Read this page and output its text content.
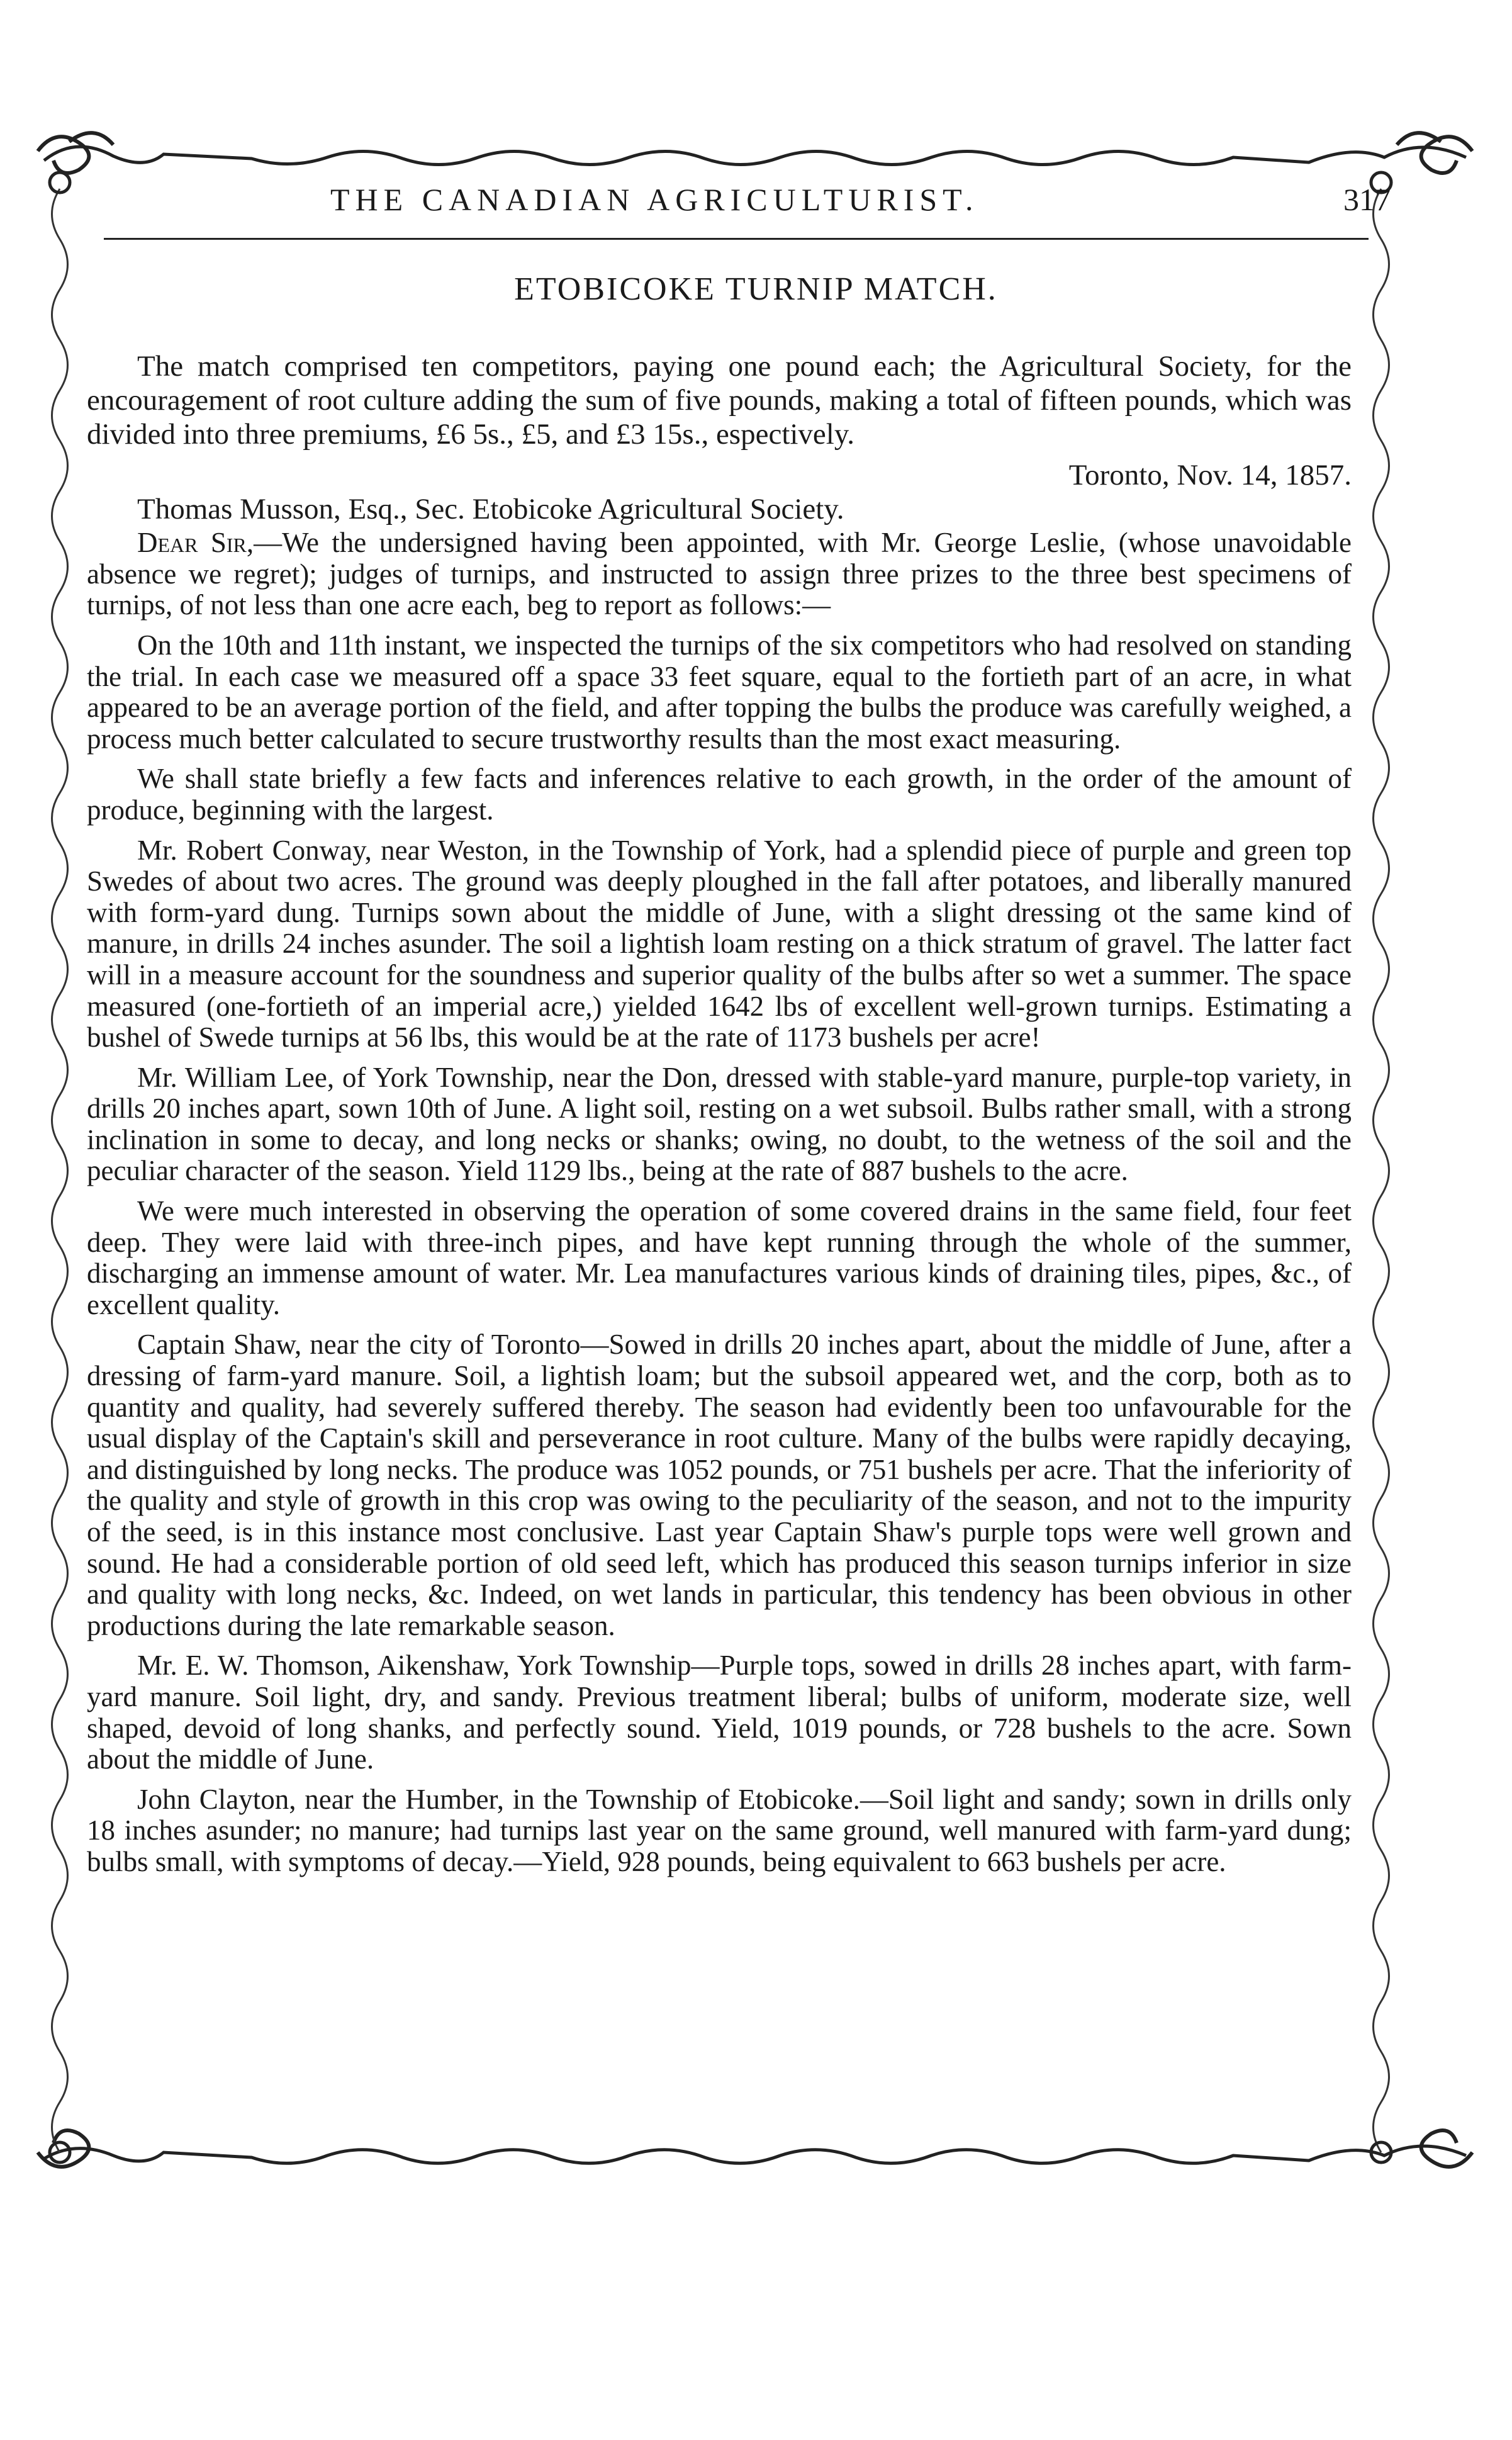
THE CANADIAN AGRICULTURIST.	317
ETOBICOKE TURNIP MATCH.

The match comprised ten competitors, paying one pound each; the Agricultural Society, for the encouragement of root culture adding the sum of five pounds, making a total of fifteen pounds, which was divided into three premiums, £6 5s., £5, and £3 15s., espectively.

Toronto, Nov. 14, 1857.
Thomas Musson, Esq., Sec. Etobicoke Agricultural Society.

Dear Sir,—We the undersigned having been appointed, with Mr. George Leslie, (whose unavoidable absence we regret); judges of turnips, and instructed to assign three prizes to the three best specimens of turnips, of not less than one acre each, beg to report as follows:—

On the 10th and 11th instant, we inspected the turnips of the six competitors who had resolved on standing the trial. In each case we measured off a space 33 feet square, equal to the fortieth part of an acre, in what appeared to be an average portion of the field, and after topping the bulbs the produce was carefully weighed, a process much better calculated to secure trustworthy results than the most exact measuring.

We shall state briefly a few facts and inferences relative to each growth, in the order of the amount of produce, beginning with the largest.

Mr. Robert Conway, near Weston, in the Township of York, had a splendid piece of purple and green top Swedes of about two acres. The ground was deeply ploughed in the fall after potatoes, and liberally manured with form-yard dung. Turnips sown about the middle of June, with a slight dressing ot the same kind of manure, in drills 24 inches asunder. The soil a lightish loam resting on a thick stratum of gravel. The latter fact will in a measure account for the soundness and superior quality of the bulbs after so wet a summer. The space measured (one-fortieth of an imperial acre,) yielded 1642 lbs of excellent well-grown turnips. Estimating a bushel of Swede turnips at 56 lbs, this would be at the rate of 1173 bushels per acre!

Mr. William Lee, of York Township, near the Don, dressed with stable-yard manure, purple-top variety, in drills 20 inches apart, sown 10th of June. A light soil, resting on a wet subsoil. Bulbs rather small, with a strong inclination in some to decay, and long necks or shanks; owing, no doubt, to the wetness of the soil and the peculiar character of the season. Yield 1129 lbs., being at the rate of 887 bushels to the acre.

We were much interested in observing the operation of some covered drains in the same field, four feet deep. They were laid with three-inch pipes, and have kept running through the whole of the summer, discharging an immense amount of water. Mr. Lea manufactures various kinds of draining tiles, pipes, &c., of excellent quality.

Captain Shaw, near the city of Toronto—Sowed in drills 20 inches apart, about the middle of June, after a dressing of farm-yard manure. Soil, a lightish loam; but the subsoil appeared wet, and the corp, both as to quantity and quality, had severely suffered thereby. The season had evidently been too unfavourable for the usual display of the Captain's skill and perseverance in root culture. Many of the bulbs were rapidly decaying, and distinguished by long necks. The produce was 1052 pounds, or 751 bushels per acre. That the inferiority of the quality and style of growth in this crop was owing to the peculiarity of the season, and not to the impurity of the seed, is in this instance most conclusive. Last year Captain Shaw's purple tops were well grown and sound. He had a considerable portion of old seed left, which has produced this season turnips inferior in size and quality with long necks, &c. Indeed, on wet lands in particular, this tendency has been obvious in other productions during the late remarkable season.

Mr. E. W. Thomson, Aikenshaw, York Township—Purple tops, sowed in drills 28 inches apart, with farm-yard manure. Soil light, dry, and sandy. Previous treatment liberal; bulbs of uniform, moderate size, well shaped, devoid of long shanks, and perfectly sound. Yield, 1019 pounds, or 728 bushels to the acre. Sown about the middle of June.

John Clayton, near the Humber, in the Township of Etobicoke.—Soil light and sandy; sown in drills only 18 inches asunder; no manure; had turnips last year on the same ground, well manured with farm-yard dung; bulbs small, with symptoms of decay.—Yield, 928 pounds, being equivalent to 663 bushels per acre.
